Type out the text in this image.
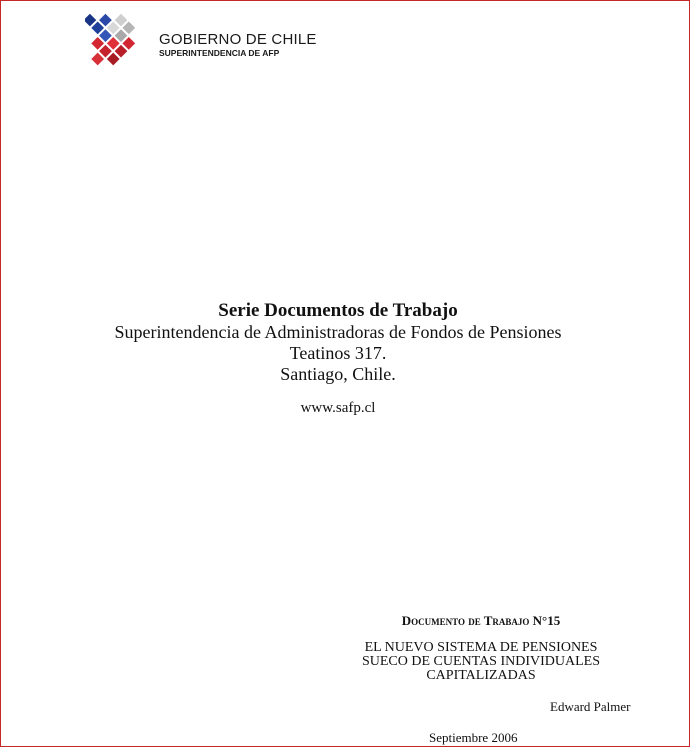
GOBIERNO DE CHILE
SUPERINTENDENCIA DE AFP
Serie Documentos de Trabajo
Superintendencia de Administradoras de Fondos de Pensiones
Teatinos 317.
Santiago, Chile.
www.safp.cl
Documento de Trabajo N°15
EL NUEVO SISTEMA DE PENSIONES
SUECO DE CUENTAS INDIVIDUALES
CAPITALIZADAS
Edward Palmer
Septiembre 2006
